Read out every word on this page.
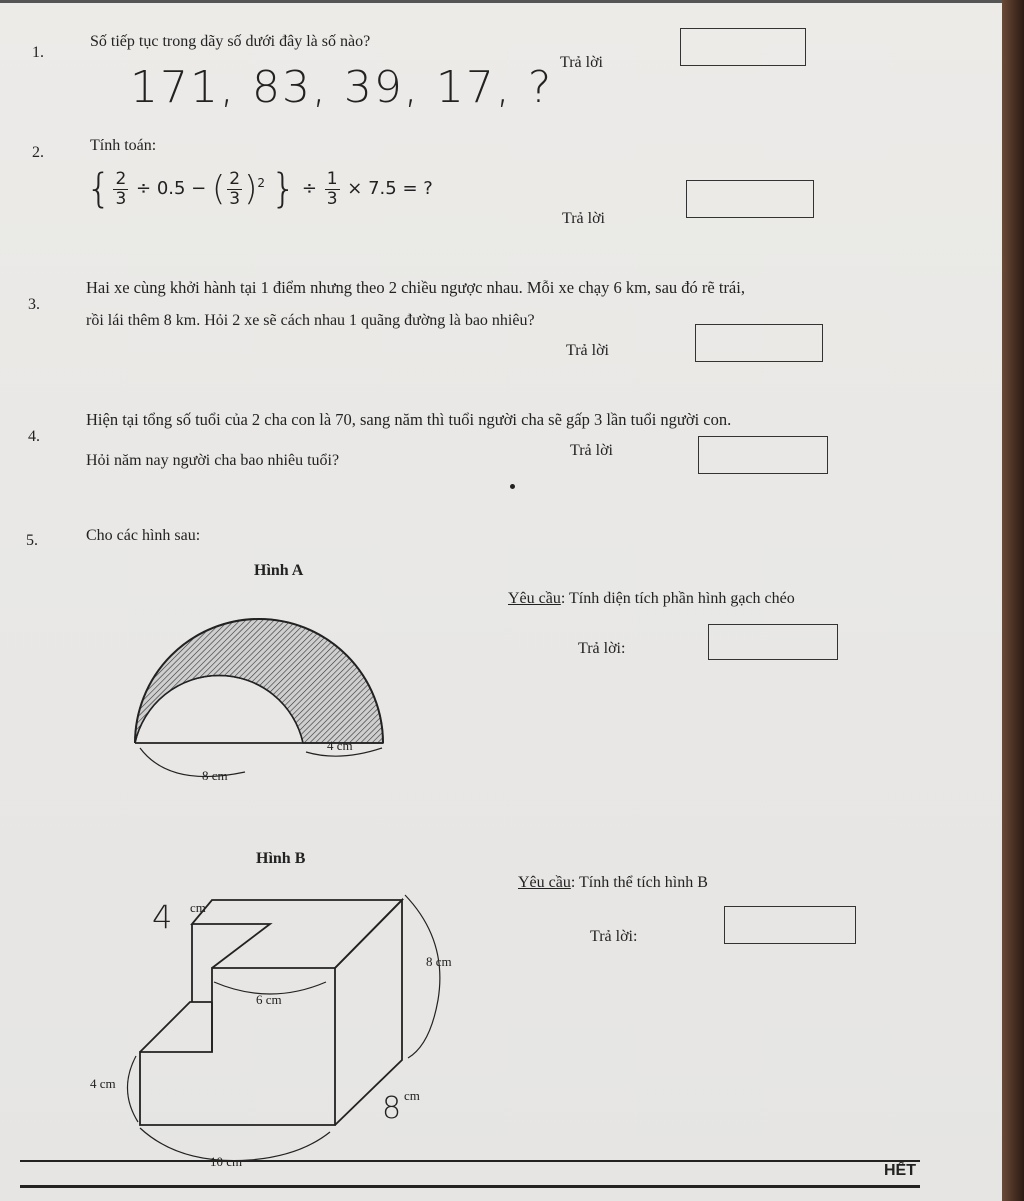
1.
Số tiếp tục trong dãy số dưới đây là số nào?
171, 83, 39, 17, ? Trả lời
2.	Tính toán:
{ $\frac{2}{3} \div 0.5$ − ( $\frac{2}{3} )^2$ } ÷ $\frac{1}{3} \times 7.5$ = ?
Trả lời
3.
Hai xe cùng khởi hành tại 1 điểm nhưng theo 2 chiều ngược nhau. Mỗi xe chạy 6 km, sau đó rẽ trái,
rồi lái thêm 8 km. Hỏi 2 xe sẽ cách nhau 1 quãng đường là bao nhiêu?
Trả lời
4.
Hiện tại tổng số tuổi của 2 cha con là 70, sang năm thì tuổi người cha sẽ gấp 3 lần tuổi người con.
Hỏi năm nay người cha bao nhiêu tuổi?
Trả lời
5.	Cho các hình sau:
Hình A
4 cm
8 cm
4 cm
8 cm
6 cm
4 cm
8 cm
Yêu cầu: Tính diện tích phần hình gạch chéo
Trả lời:
Hình B
Yêu cầu: Tính thể tích hình B
Trả lời:
HẾT
